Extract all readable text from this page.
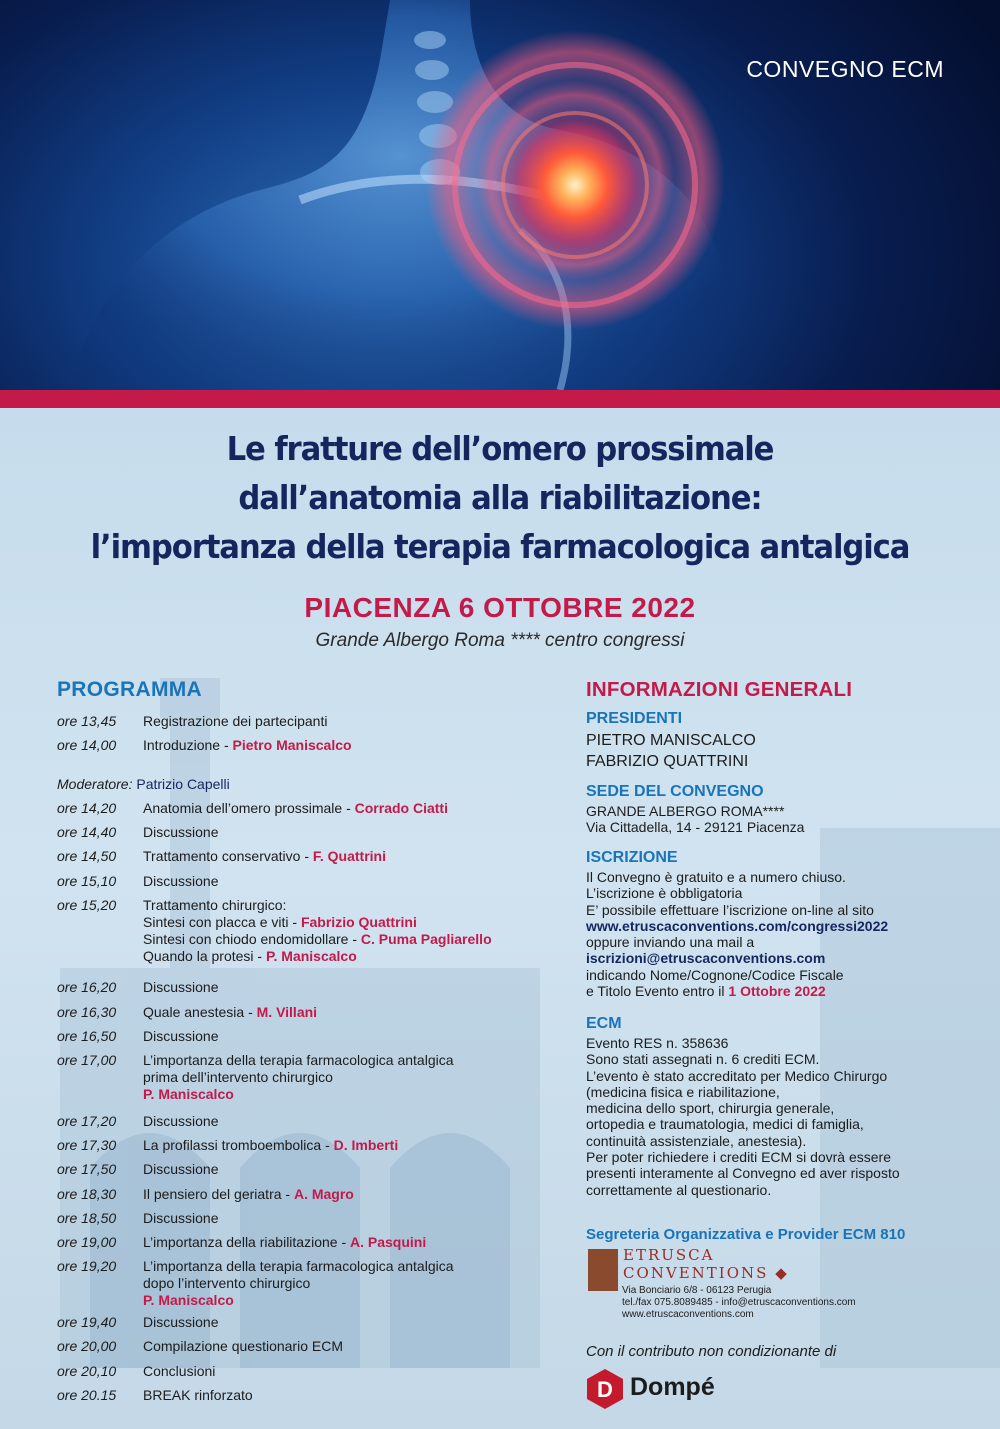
CONVEGNO ECM
Le fratture dell’omero prossimale
dall’anatomia alla riabilitazione:
l’importanza della terapia farmacologica antalgica
PIACENZA 6 OTTOBRE 2022
Grande Albergo Roma **** centro congressi
PROGRAMMA
ore 13,45	Registrazione dei partecipanti
ore 14,00	Introduzione - Pietro Maniscalco
Moderatore: Patrizio Capelli
ore 14,20	Anatomia dell’omero prossimale - Corrado Ciatti
ore 14,40	Discussione
ore 14,50	Trattamento conservativo - F. Quattrini
ore 15,10	Discussione
ore 15,20	Trattamento chirurgico:
Sintesi con placca e viti - Fabrizio Quattrini
Sintesi con chiodo endomidollare - C. Puma Pagliarello
Quando la protesi - P. Maniscalco
ore 16,20	Discussione
ore 16,30	Quale anestesia - M. Villani
ore 16,50	Discussione
ore 17,00	L’importanza della terapia farmacologica antalgica
prima dell’intervento chirurgico
P. Maniscalco
ore 17,20	Discussione
ore 17,30	La profilassi tromboembolica - D. Imberti
ore 17,50	Discussione
ore 18,30	Il pensiero del geriatra - A. Magro
ore 18,50	Discussione
ore 19,00	L’importanza della riabilitazione - A. Pasquini
ore 19,20	L’importanza della terapia farmacologica antalgica
dopo l’intervento chirurgico
P. Maniscalco
ore 19,40	Discussione
ore 20,00	Compilazione questionario ECM
ore 20,10	Conclusioni
ore 20.15	BREAK rinforzato
INFORMAZIONI GENERALI
PRESIDENTI
PIETRO MANISCALCO
FABRIZIO QUATTRINI
SEDE DEL CONVEGNO
GRANDE ALBERGO ROMA****
Via Cittadella, 14 - 29121 Piacenza
ISCRIZIONE
Il Convegno è gratuito e a numero chiuso.
L’iscrizione è obbligatoria
E’ possibile effettuare l’iscrizione on-line al sito
www.etruscaconventions.com/congressi2022
oppure inviando una mail a
iscrizioni@etruscaconventions.com
indicando Nome/Cognone/Codice Fiscale
e Titolo Evento entro il 1 Ottobre 2022
ECM
Evento RES n. 358636
Sono stati assegnati n. 6 crediti ECM.
L’evento è stato accreditato per Medico Chirurgo
(medicina fisica e riabilitazione,
medicina dello sport, chirurgia generale,
ortopedia e traumatologia, medici di famiglia,
continuità assistenziale, anestesia).
Per poter richiedere i crediti ECM si dovrà essere
presenti interamente al Convegno ed aver risposto
correttamente al questionario.
Segreteria Organizzativa e Provider ECM 810
ETRUSCA
CONVENTIONS ◆
Via Bonciario 6/8 - 06123 Perugia
tel./fax 075.8089485 - info@etruscaconventions.com
www.etruscaconventions.com
Con il contributo non condizionante di
D Dompé
